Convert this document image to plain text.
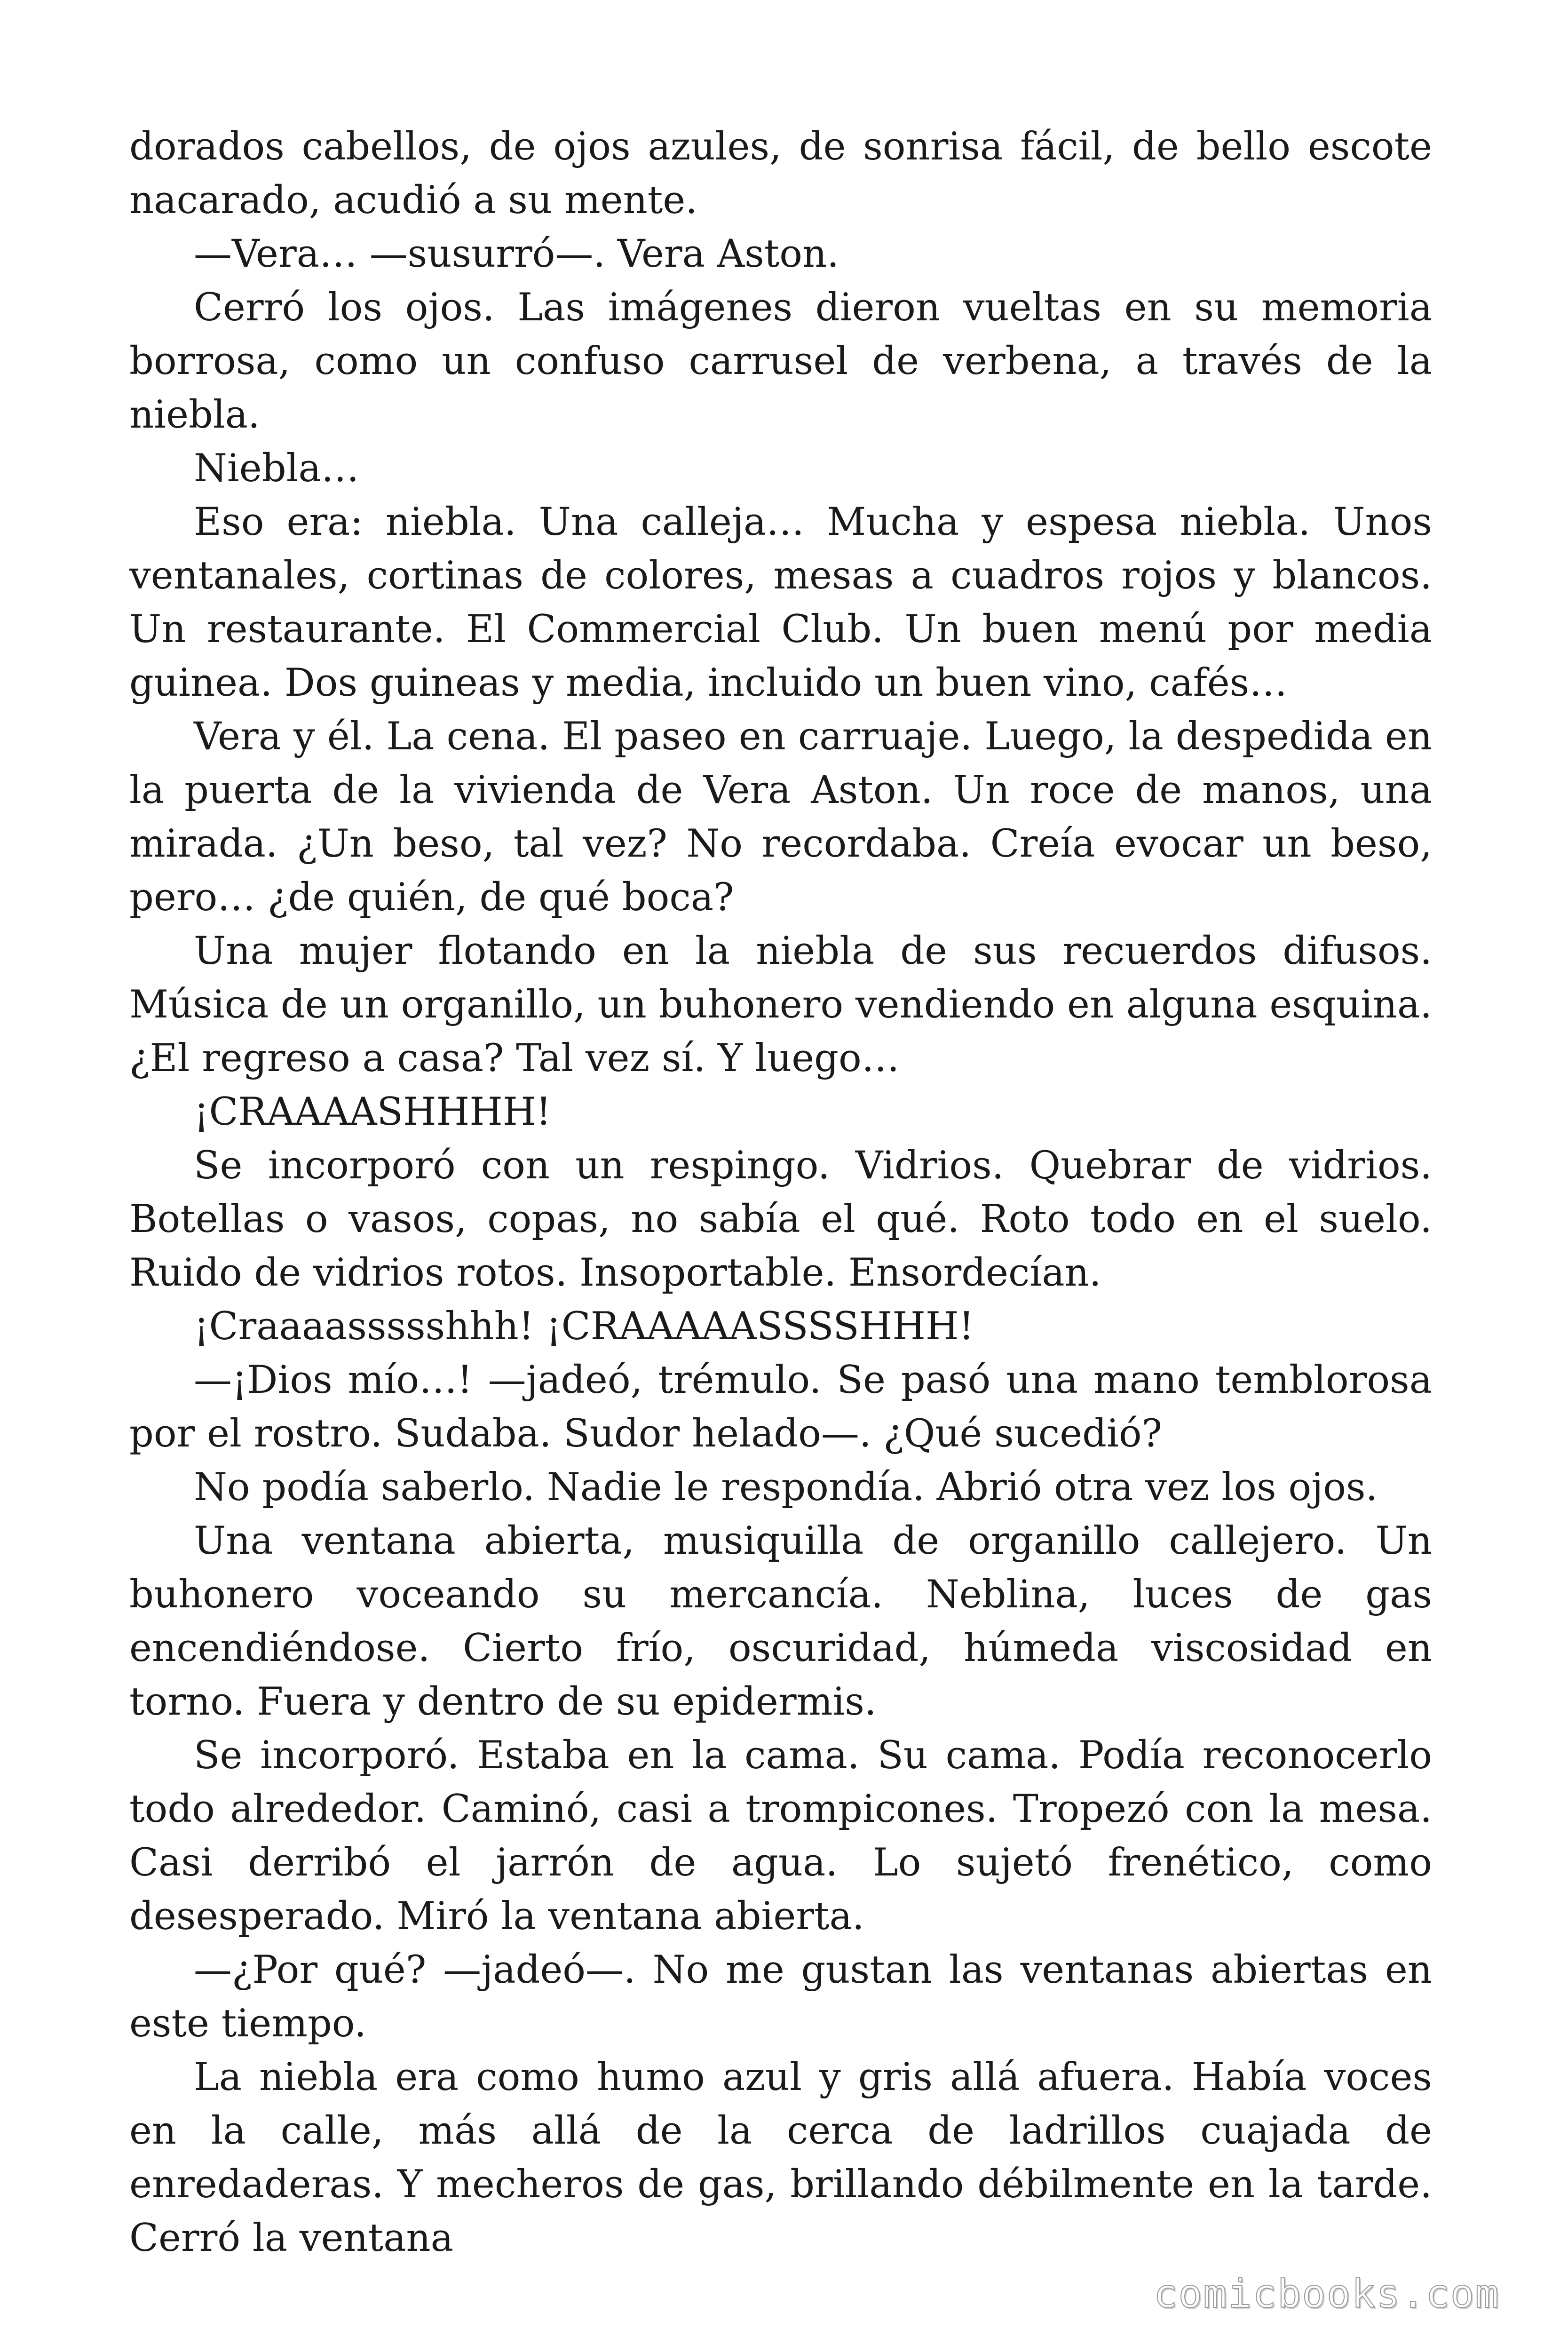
dorados cabellos, de ojos azules, de sonrisa fácil, de bello escote nacarado, acudió a su mente.

—Vera… —susurró—. Vera Aston.

Cerró los ojos. Las imágenes dieron vueltas en su memoria borrosa, como un confuso carrusel de verbena, a través de la niebla.

Niebla…

Eso era: niebla. Una calleja… Mucha y espesa niebla. Unos ventanales, cortinas de colores, mesas a cuadros rojos y blancos. Un restaurante. El Commercial Club. Un buen menú por media guinea. Dos guineas y media, incluido un buen vino, cafés…

Vera y él. La cena. El paseo en carruaje. Luego, la despedida en la puerta de la vivienda de Vera Aston. Un roce de manos, una mirada. ¿Un beso, tal vez? No recordaba. Creía evocar un beso, pero… ¿de quién, de qué boca?

Una mujer flotando en la niebla de sus recuerdos difusos. Música de un organillo, un buhonero vendiendo en alguna esquina. ¿El regreso a casa? Tal vez sí. Y luego…

¡CRAAAASHHHH!

Se incorporó con un respingo. Vidrios. Quebrar de vidrios. Botellas o vasos, copas, no sabía el qué. Roto todo en el suelo. Ruido de vidrios rotos. Insoportable. Ensordecían.

¡Craaaassssshhh! ¡CRAAAAASSSSHHH!

—¡Dios mío…! —jadeó, trémulo. Se pasó una mano temblorosa por el rostro. Sudaba. Sudor helado—. ¿Qué sucedió?

No podía saberlo. Nadie le respondía. Abrió otra vez los ojos.

Una ventana abierta, musiquilla de organillo callejero. Un buhonero voceando su mercancía. Neblina, luces de gas encendiéndose. Cierto frío, oscuridad, húmeda viscosidad en torno. Fuera y dentro de su epidermis.

Se incorporó. Estaba en la cama. Su cama. Podía reconocerlo todo alrededor. Caminó, casi a trompicones. Tropezó con la mesa. Casi derribó el jarrón de agua. Lo sujetó frenético, como desesperado. Miró la ventana abierta.

—¿Por qué? —jadeó—. No me gustan las ventanas abiertas en este tiempo.

La niebla era como humo azul y gris allá afuera. Había voces en la calle, más allá de la cerca de ladrillos cuajada de enredaderas. Y mecheros de gas, brillando débilmente en la tarde. Cerró la ventana

comicbooks.com
